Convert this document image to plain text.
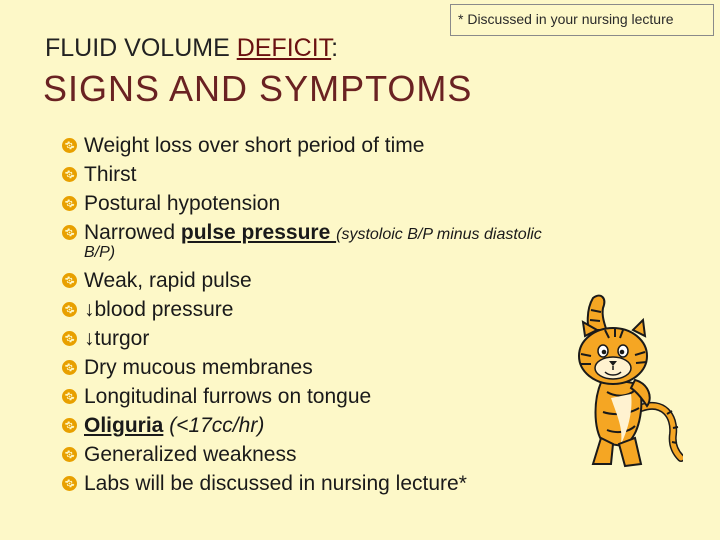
* Discussed in your nursing lecture
FLUID VOLUME DEFICIT:
SIGNS AND SYMPTOMS
Weight loss over short period of time
Thirst
Postural hypotension
Narrowed pulse pressure (systoloic B/P minus diastolic
B/P)
Weak, rapid pulse
↓blood pressure
↓turgor
Dry mucous membranes
Longitudinal furrows on tongue
Oliguria (<17cc/hr)
Generalized weakness
Labs will be discussed in nursing lecture*
